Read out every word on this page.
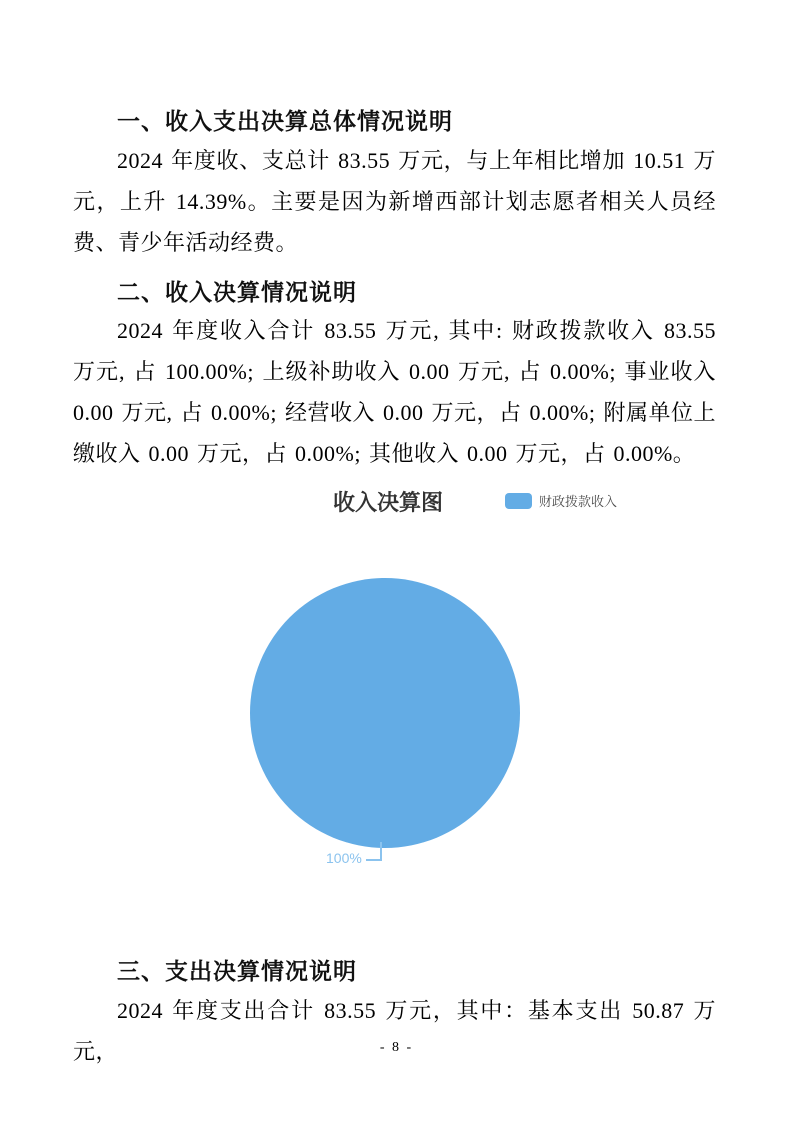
一、收入支出决算总体情况说明
2024 年度收、支总计 83.55 万元，与上年相比增加 10.51 万元，上升 14.39%。主要是因为新增西部计划志愿者相关人员经费、青少年活动经费。
二、收入决算情况说明
2024 年度收入合计 83.55 万元, 其中: 财政拨款收入 83.55 万元, 占 100.00%; 上级补助收入 0.00 万元, 占 0.00%; 事业收入 0.00 万元, 占 0.00%; 经营收入 0.00 万元，占 0.00%; 附属单位上缴收入 0.00 万元，占 0.00%; 其他收入 0.00 万元，占 0.00%。
收入决算图	财政拨款收入
100%
三、支出决算情况说明
2024 年度支出合计 83.55 万元，其中：基本支出 50.87 万元，	- 8 -
